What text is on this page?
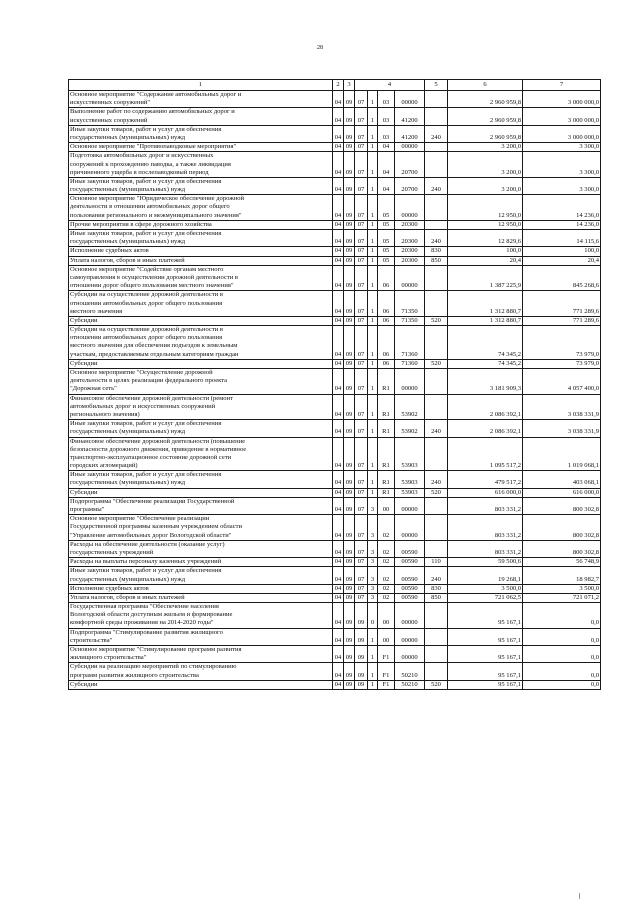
28
1	2	3	4				5	6	7

Основное мероприятие "Содержание автомобильных дорог и
искусственных сооружений"	04	09	07	1	03	00000		2 960 959,8	3 000 000,0

Выполнение работ по содержанию автомобильных дорог и
искусственных сооружений	04	09	07	1	03	41200		2 960 959,8	3 000 000,0

Иные закупки товаров, работ и услуг для обеспечения
государственных (муниципальных) нужд	04	09	07	1	03	41200	240	2 960 959,8	3 000 000,0

Основное мероприятие "Противопаводковые мероприятия"	04	09	07	1	04	00000		3 200,0	3 300,0

Подготовка автомобильных дорог и искусственных
сооружений к прохождению паводка, а также ликвидация
причиненного ущерба в послепаводковый период	04	09	07	1	04	20700		3 200,0	3 300,0

Иные закупки товаров, работ и услуг для обеспечения
государственных (муниципальных) нужд	04	09	07	1	04	20700	240	3 200,0	3 300,0

Основное мероприятие "Юридическое обеспечение дорожной
деятельности в отношении автомобильных дорог общего
пользования регионального и межмуниципального значения"	04	09	07	1	05	00000		12 950,0	14 236,0

Прочие мероприятия в сфере дорожного хозяйства	04	09	07	1	05	20300		12 950,0	14 236,0

Иные закупки товаров, работ и услуг для обеспечения
государственных (муниципальных) нужд	04	09	07	1	05	20300	240	12 829,6	14 115,6

Исполнение судебных актов	04	09	07	1	05	20300	830	100,0	100,0

Уплата налогов, сборов и иных платежей	04	09	07	1	05	20300	850	20,4	20,4

Основное мероприятие "Содействие органам местного
самоуправления в осуществлении дорожной деятельности в
отношении дорог общего пользования местного значения"	04	09	07	1	06	00000		1 387 225,9	845 268,6

Субсидии на осуществление дорожной деятельности в
отношении автомобильных дорог общего пользования
местного значения	04	09	07	1	06	71350		1 312 880,7	771 289,6

Субсидии	04	09	07	1	06	71350	520	1 312 880,7	771 289,6

Субсидии на осуществление дорожной деятельности в
отношении автомобильных дорог общего пользования
местного значения для обеспечения подъездов к земельным
участкам, предоставляемым отдельным категориям граждан	04	09	07	1	06	71360		74 345,2	73 979,0

Субсидии	04	09	07	1	06	71360	520	74 345,2	73 979,0

Основное мероприятие "Осуществление дорожной
деятельности в целях реализации федерального проекта
"Дорожная сеть"	04	09	07	1	R1	00000		3 181 909,3	4 057 400,0

Финансовое обеспечение дорожной деятельности (ремонт
автомобильных дорог и искусственных сооружений
регионального значения)	04	09	07	1	R1	53902		2 086 392,1	3 038 331,9

Иные закупки товаров, работ и услуг для обеспечения
государственных (муниципальных) нужд	04	09	07	1	R1	53902	240	2 086 392,1	3 038 331,9

Финансовое обеспечение дорожной деятельности (повышение
безопасности дорожного движения, приведение в нормативное
транспортно-эксплуатационное состояние дорожной сети
городских агломераций)	04	09	07	1	R1	53903		1 095 517,2	1 019 068,1

Иные закупки товаров, работ и услуг для обеспечения
государственных (муниципальных) нужд	04	09	07	1	R1	53903	240	479 517,2	403 068,1

Субсидии	04	09	07	1	R1	53903	520	616 000,0	616 000,0

Подпрограмма "Обеспечение реализации Государственной
программы"	04	09	07	3	00	00000		803 331,2	800 302,8

Основное мероприятие "Обеспечение реализации
Государственной программы казенным учреждением области
"Управление автомобильных дорог Вологодской области"	04	09	07	3	02	00000		803 331,2	800 302,8

Расходы на обеспечение деятельности (оказание услуг)
государственных учреждений	04	09	07	3	02	00590		803 331,2	800 302,8

Расходы на выплаты персоналу казенных учреждений	04	09	07	3	02	00590	110	59 500,6	56 748,9

Иные закупки товаров, работ и услуг для обеспечения
государственных (муниципальных) нужд	04	09	07	3	02	00590	240	19 268,1	18 982,7

Исполнение судебных актов	04	09	07	3	02	00590	830	3 500,0	3 500,0

Уплата налогов, сборов и иных платежей	04	09	07	3	02	00590	850	721 062,5	721 071,2

Государственная программа "Обеспечение населения
Вологодской области доступным жильем и формирование
комфортной среды проживания на 2014-2020 годы"	04	09	09	0	00	00000		95 167,1	0,0

Подпрограмма "Стимулирование развития жилищного
строительства"	04	09	09	1	00	00000		95 167,1	0,0

Основное мероприятие "Стимулирование программ развития
жилищного строительства"	04	09	09	1	F1	00000		95 167,1	0,0

Субсидии на реализацию мероприятий по стимулированию
программ развития жилищного строительства	04	09	09	1	F1	50210		95 167,1	0,0

Субсидии	04	09	09	1	F1	50210	520	95 167,1	0,0
